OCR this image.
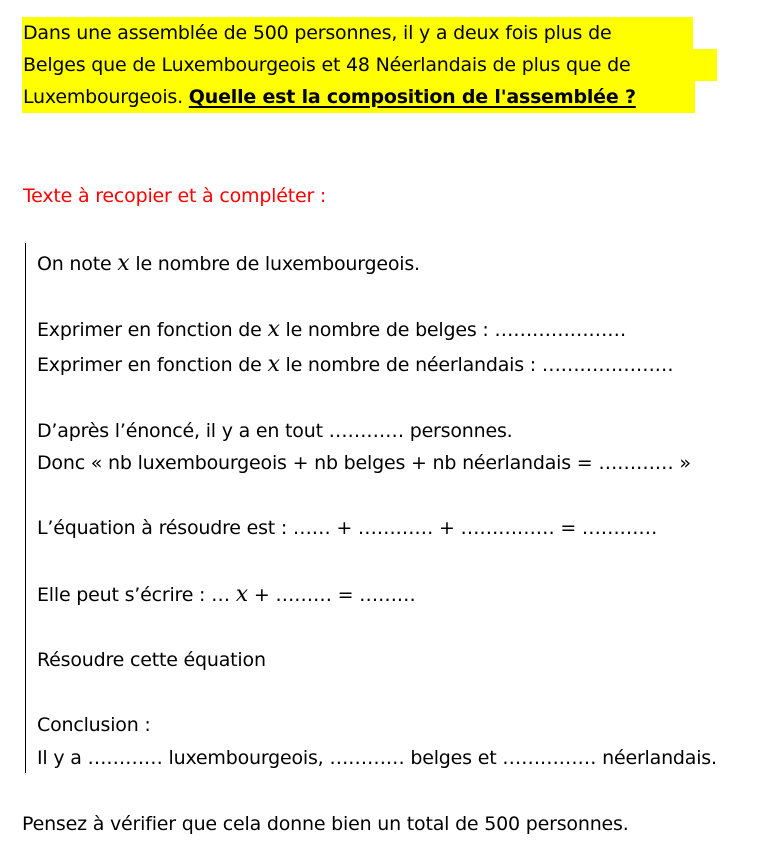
Dans une assemblée de 500 personnes, il y a deux fois plus de
Belges que de Luxembourgeois et 48 Néerlandais de plus que de
Luxembourgeois. Quelle est la composition de l'assemblée ?
Texte à recopier et à compléter :
On note x le nombre de luxembourgeois.
Exprimer en fonction de x le nombre de belges : …………………
Exprimer en fonction de x le nombre de néerlandais : …………………
D’après l’énoncé, il y a en tout ………… personnes.
Donc « nb luxembourgeois + nb belges + nb néerlandais = ………… »
L’équation à résoudre est : …… + ………… + …………… = …………
Elle peut s’écrire : … x + ……… = ………
Résoudre cette équation
Conclusion :
Il y a ………… luxembourgeois, ………… belges et …………… néerlandais.
Pensez à vérifier que cela donne bien un total de 500 personnes.
